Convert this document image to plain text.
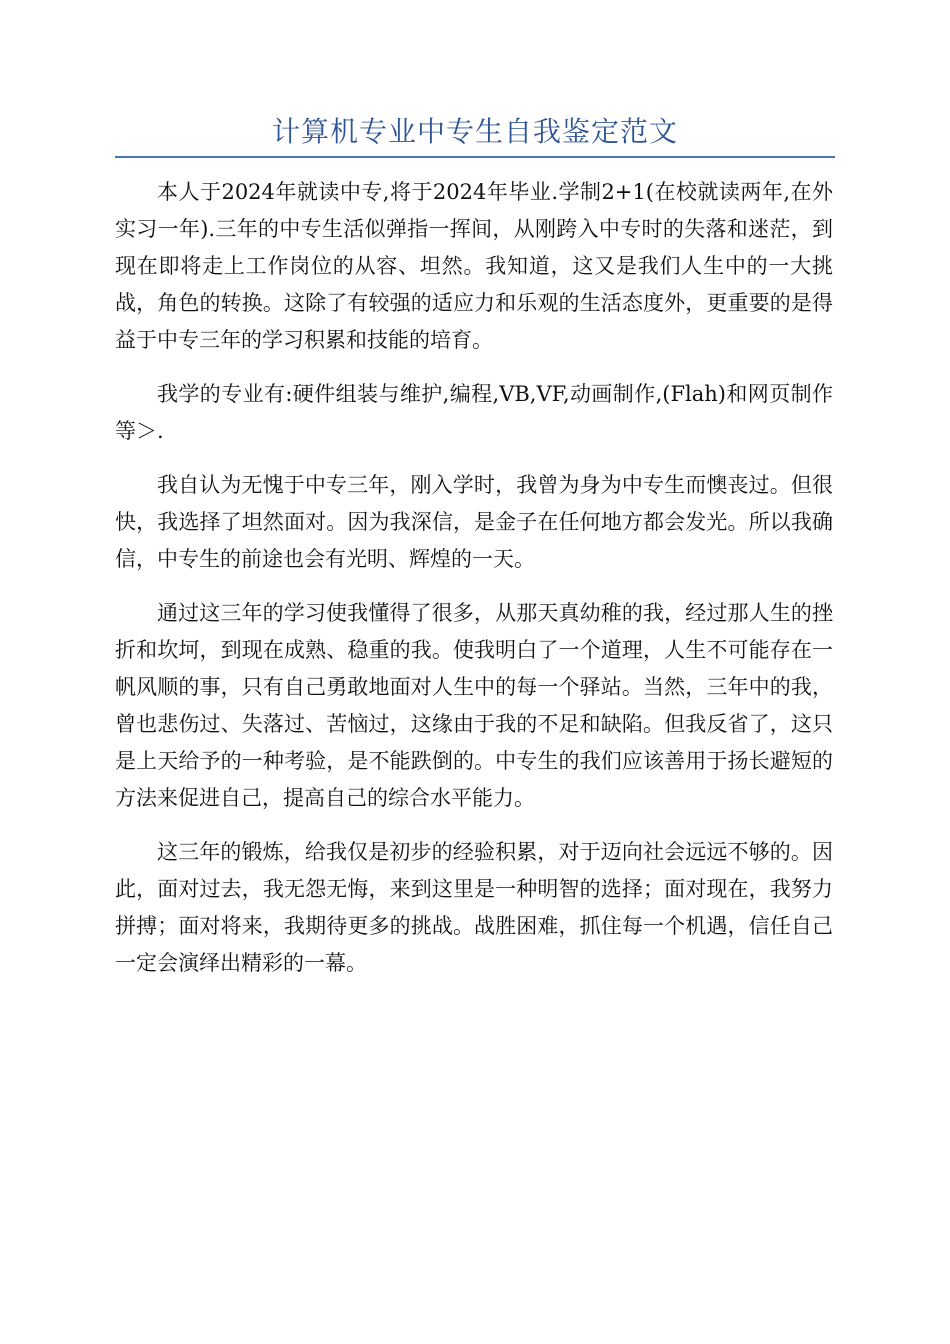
计算机专业中专生自我鉴定范文

本人于2024年就读中专,将于2024年毕业.学制2+1(在校就读两年,在外实习一年).三年的中专生活似弹指一挥间，从刚跨入中专时的失落和迷茫，到现在即将走上工作岗位的从容、坦然。我知道，这又是我们人生中的一大挑战，角色的转换。这除了有较强的适应力和乐观的生活态度外，更重要的是得益于中专三年的学习积累和技能的培育。

我学的专业有:硬件组装与维护,编程,VB,VF,动画制作,(Flah)和网页制作等＞.

我自认为无愧于中专三年，刚入学时，我曾为身为中专生而懊丧过。但很快，我选择了坦然面对。因为我深信，是金子在任何地方都会发光。所以我确信，中专生的前途也会有光明、辉煌的一天。

通过这三年的学习使我懂得了很多，从那天真幼稚的我，经过那人生的挫折和坎坷，到现在成熟、稳重的我。使我明白了一个道理，人生不可能存在一帆风顺的事，只有自己勇敢地面对人生中的每一个驿站。当然，三年中的我，曾也悲伤过、失落过、苦恼过，这缘由于我的不足和缺陷。但我反省了，这只是上天给予的一种考验，是不能跌倒的。中专生的我们应该善用于扬长避短的方法来促进自己，提高自己的综合水平能力。

这三年的锻炼，给我仅是初步的经验积累，对于迈向社会远远不够的。因此，面对过去，我无怨无悔，来到这里是一种明智的选择；面对现在，我努力拼搏；面对将来，我期待更多的挑战。战胜困难，抓住每一个机遇，信任自己一定会演绎出精彩的一幕。
